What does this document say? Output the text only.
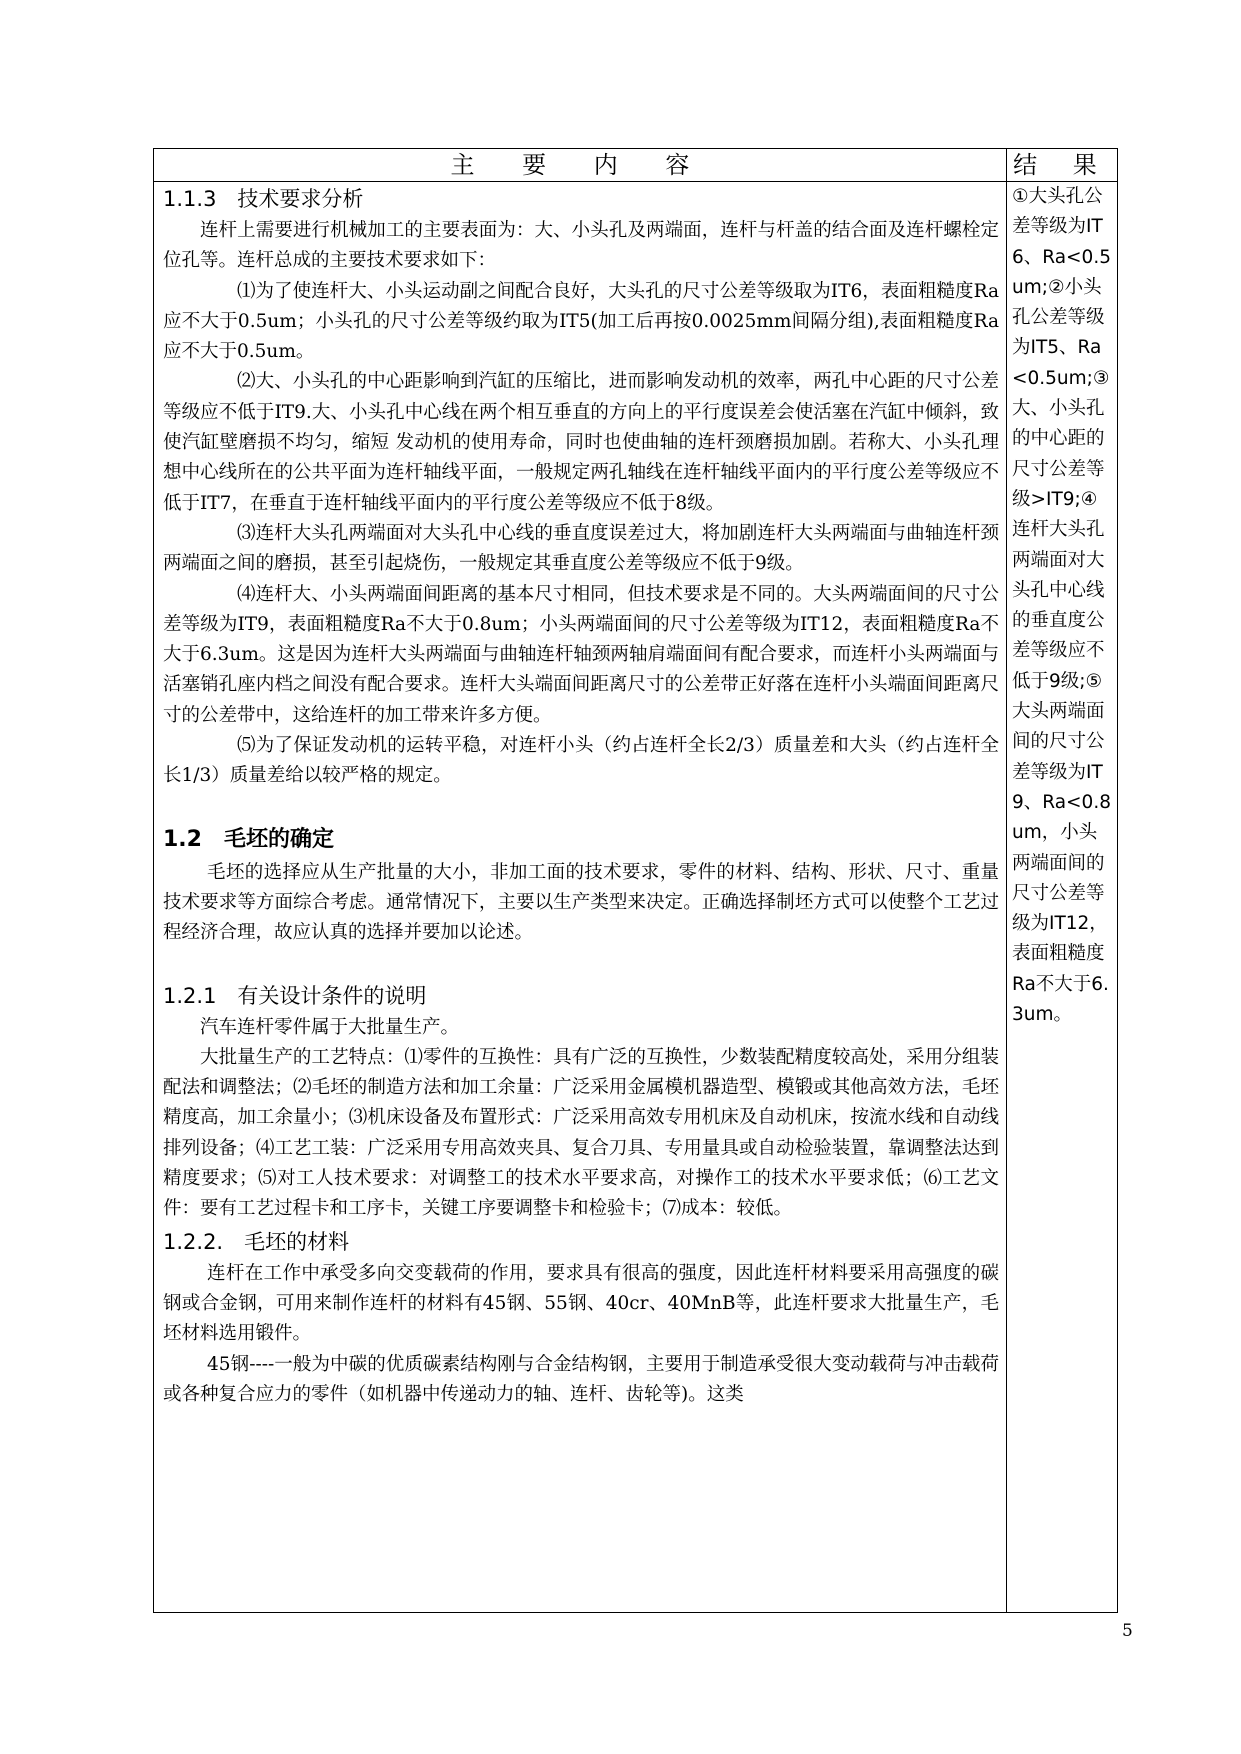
主 要 内 容	结 果

1.1.3　技术要求分析

连杆上需要进行机械加工的主要表面为：大、小头孔及两端面，连杆与杆盖的结合面及连杆螺栓定位孔等。连杆总成的主要技术要求如下：

⑴为了使连杆大、小头运动副之间配合良好，大头孔的尺寸公差等级取为IT6，表面粗糙度Ra应不大于0.5um；小头孔的尺寸公差等级约取为IT5(加工后再按0.0025mm间隔分组),表面粗糙度Ra应不大于0.5um。

⑵大、小头孔的中心距影响到汽缸的压缩比，进而影响发动机的效率，两孔中心距的尺寸公差等级应不低于IT9.大、小头孔中心线在两个相互垂直的方向上的平行度误差会使活塞在汽缸中倾斜，致使汽缸壁磨损不均匀，缩短 发动机的使用寿命，同时也使曲轴的连杆颈磨损加剧。若称大、小头孔理想中心线所在的公共平面为连杆轴线平面，一般规定两孔轴线在连杆轴线平面内的平行度公差等级应不低于IT7，在垂直于连杆轴线平面内的平行度公差等级应不低于8级。

⑶连杆大头孔两端面对大头孔中心线的垂直度误差过大，将加剧连杆大头两端面与曲轴连杆颈两端面之间的磨损，甚至引起烧伤，一般规定其垂直度公差等级应不低于9级。

⑷连杆大、小头两端面间距离的基本尺寸相同，但技术要求是不同的。大头两端面间的尺寸公差等级为IT9，表面粗糙度Ra不大于0.8um；小头两端面间的尺寸公差等级为IT12，表面粗糙度Ra不大于6.3um。这是因为连杆大头两端面与曲轴连杆轴颈两轴肩端面间有配合要求，而连杆小头两端面与活塞销孔座内档之间没有配合要求。连杆大头端面间距离尺寸的公差带正好落在连杆小头端面间距离尺寸的公差带中，这给连杆的加工带来许多方便。

⑸为了保证发动机的运转平稳，对连杆小头（约占连杆全长2/3）质量差和大头（约占连杆全长1/3）质量差给以较严格的规定。

1.2　毛坯的确定

毛坯的选择应从生产批量的大小，非加工面的技术要求，零件的材料、结构、形状、尺寸、重量技术要求等方面综合考虑。通常情况下，主要以生产类型来决定。正确选择制坯方式可以使整个工艺过程经济合理，故应认真的选择并要加以论述。

1.2.1　有关设计条件的说明

汽车连杆零件属于大批量生产。

大批量生产的工艺特点：⑴零件的互换性：具有广泛的互换性，少数装配精度较高处，采用分组装配法和调整法；⑵毛坯的制造方法和加工余量：广泛采用金属模机器造型、模锻或其他高效方法，毛坯精度高，加工余量小；⑶机床设备及布置形式：广泛采用高效专用机床及自动机床，按流水线和自动线排列设备；⑷工艺工装：广泛采用专用高效夹具、复合刀具、专用量具或自动检验装置，靠调整法达到精度要求；⑸对工人技术要求：对调整工的技术水平要求高，对操作工的技术水平要求低；⑹工艺文件：要有工艺过程卡和工序卡，关键工序要调整卡和检验卡；⑺成本：较低。

1.2.2.　毛坯的材料

连杆在工作中承受多向交变载荷的作用，要求具有很高的强度，因此连杆材料要采用高强度的碳钢或合金钢，可用来制作连杆的材料有45钢、55钢、40cr、40MnB等，此连杆要求大批量生产，毛坯材料选用锻件。

45钢----一般为中碳的优质碳素结构刚与合金结构钢，主要用于制造承受很大变动载荷与冲击载荷或各种复合应力的零件（如机器中传递动力的轴、连杆、齿轮等)。这类

①大头孔公差等级为IT6、Ra<0.5um;②小头孔公差等级为IT5、Ra<0.5um;③大、小头孔的中心距的尺寸公差等级>IT9;④连杆大头孔两端面对大头孔中心线的垂直度公差等级应不低于9级;⑤大头两端面间的尺寸公差等级为IT9、Ra<0.8um，小头两端面间的尺寸公差等级为IT12，表面粗糙度Ra不大于6.3um。
5
